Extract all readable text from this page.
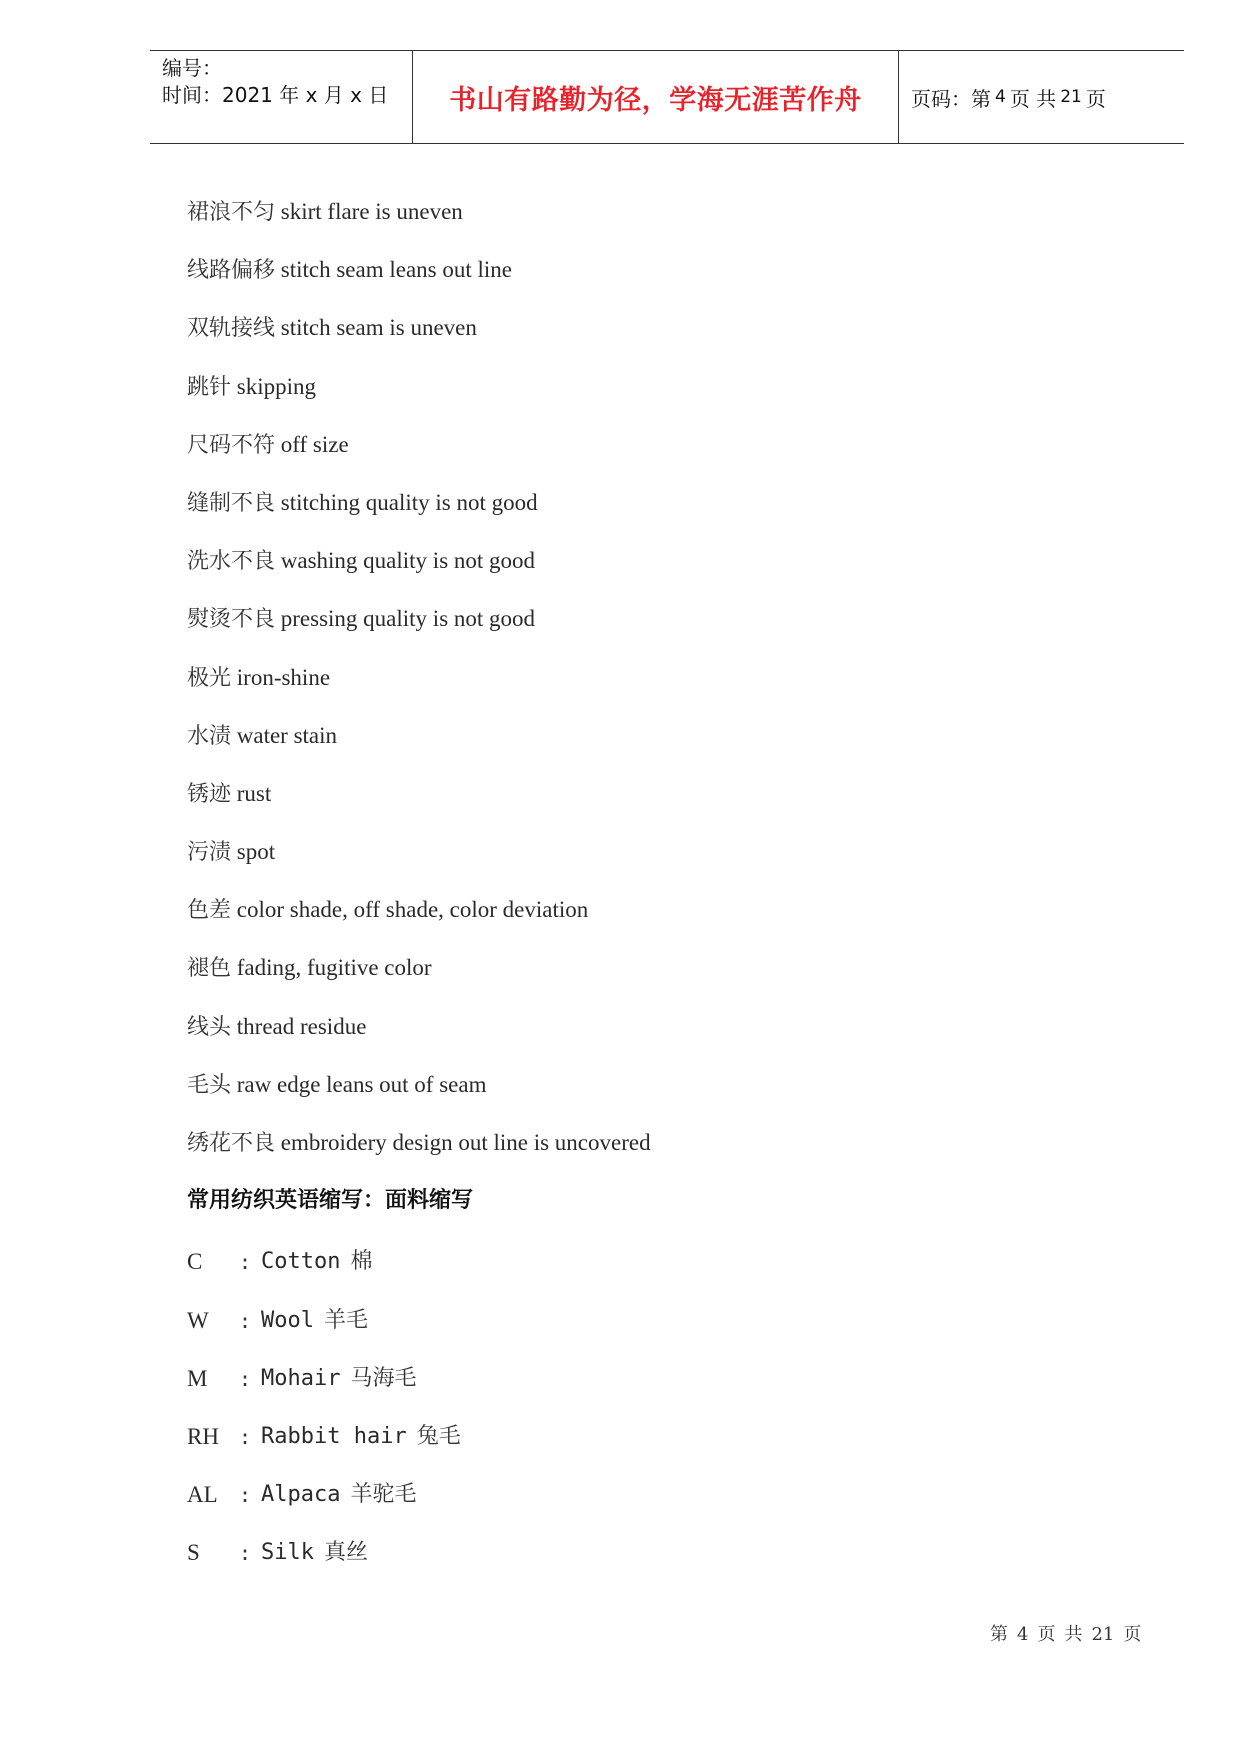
编号：
时间：2021 年 x 月 x 日	书山有路勤为径，学海无涯苦作舟	页码：第 4 页 共 21 页
裙浪不匀 skirt flare is uneven
线路偏移 stitch seam leans out line
双轨接线 stitch seam is uneven
跳针 skipping
尺码不符 off size
缝制不良 stitching quality is not good
洗水不良 washing quality is not good
熨烫不良 pressing quality is not good
极光 iron-shine
水渍 water stain
锈迹 rust
污渍 spot
色差 color shade, off shade, color deviation
褪色 fading, fugitive color
线头 thread residue
毛头 raw edge leans out of seam
绣花不良 embroidery design out line is uncovered
常用纺织英语缩写：面料缩写
C	: Cotton 棉
W	: Wool 羊毛
M	: Mohair 马海毛
RH	: Rabbit hair 兔毛
AL	: Alpaca 羊驼毛
S	: Silk 真丝
第 4 页 共 21 页
